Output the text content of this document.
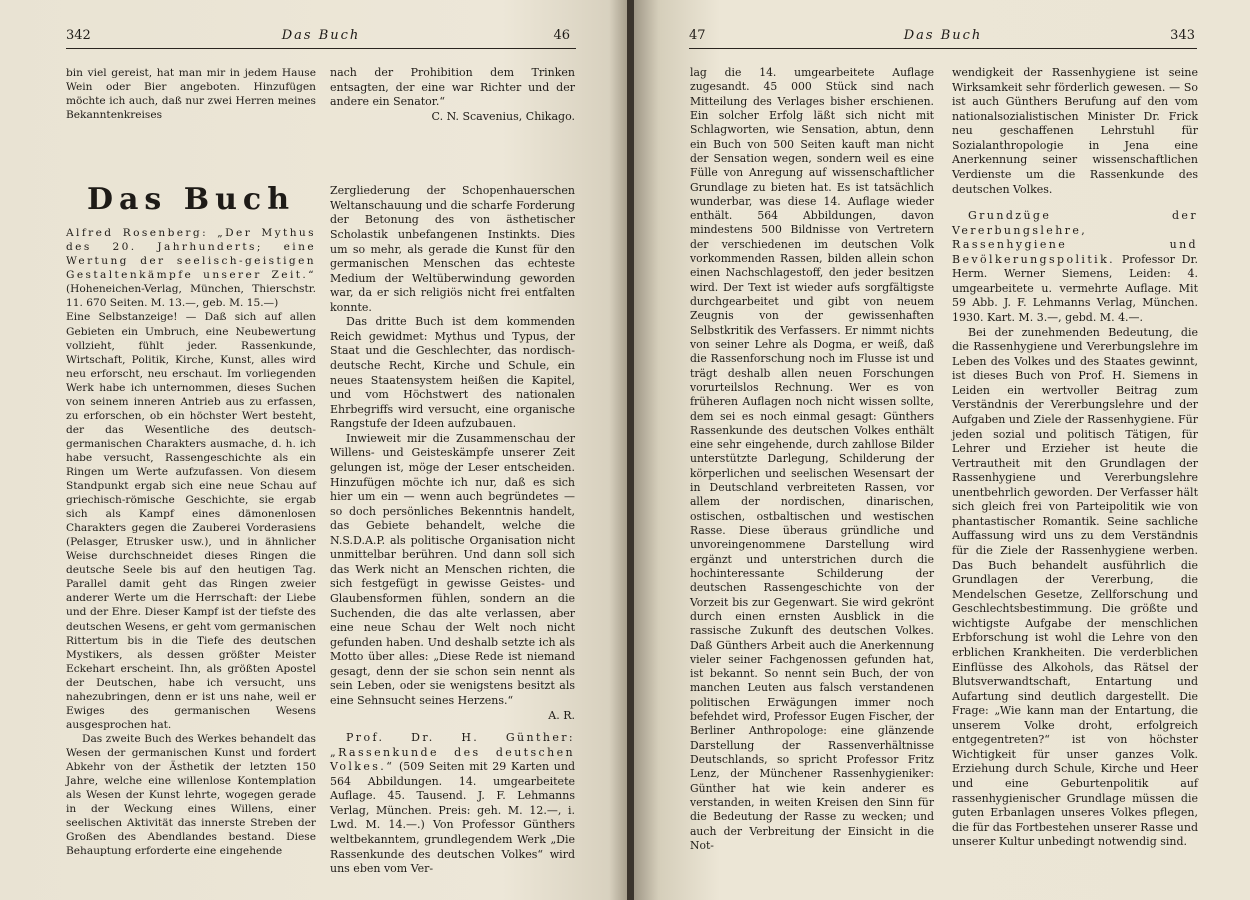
342	Das Buch	46

bin viel gereist, hat man mir in jedem Hause Wein oder Bier angeboten. Hinzufügen möchte ich auch, daß nur zwei Herren meines Bekanntenkreises

Das Buch

Alfred Rosenberg: „Der Mythus des 20. Jahrhunderts; eine Wertung der seelisch-geistigen Gestaltenkämpfe unserer Zeit.“ (Hoheneichen-Verlag, München, Thierschstr. 11. 670 Seiten. M. 13.—, geb. M. 15.—)

Eine Selbstanzeige! — Daß sich auf allen Gebieten ein Umbruch, eine Neubewertung vollzieht, fühlt jeder. Rassenkunde, Wirtschaft, Politik, Kirche, Kunst, alles wird neu erforscht, neu erschaut. Im vorliegenden Werk habe ich unternommen, dieses Suchen von seinem inneren Antrieb aus zu erfassen, zu erforschen, ob ein höchster Wert besteht, der das Wesentliche des deutsch-germanischen Charakters ausmache, d. h. ich habe versucht, Rassengeschichte als ein Ringen um Werte aufzufassen. Von diesem Standpunkt ergab sich eine neue Schau auf griechisch-römische Geschichte, sie ergab sich als Kampf eines dämonenlosen Charakters gegen die Zauberei Vorderasiens (Pelasger, Etrusker usw.), und in ähnlicher Weise durchschneidet dieses Ringen die deutsche Seele bis auf den heutigen Tag. Parallel damit geht das Ringen zweier anderer Werte um die Herrschaft: der Liebe und der Ehre. Dieser Kampf ist der tiefste des deutschen Wesens, er geht vom germanischen Rittertum bis in die Tiefe des deutschen Mystikers, als dessen größter Meister Eckehart erscheint. Ihn, als größten Apostel der Deutschen, habe ich versucht, uns nahezubringen, denn er ist uns nahe, weil er Ewiges des germanischen Wesens ausgesprochen hat.

Das zweite Buch des Werkes behandelt das Wesen der germanischen Kunst und fordert Abkehr von der Ästhetik der letzten 150 Jahre, welche eine willenlose Kontemplation als Wesen der Kunst lehrte, wogegen gerade in der Weckung eines Willens, einer seelischen Aktivität das innerste Streben der Großen des Abendlandes bestand. Diese Behauptung erforderte eine eingehende

nach der Prohibition dem Trinken entsagten, der eine war Richter und der andere ein Senator.“

C. N. Scavenius, Chikago.

Zergliederung der Schopenhauerschen Weltanschauung und die scharfe Forderung der Betonung des von ästhetischer Scholastik unbefangenen Instinkts. Dies um so mehr, als gerade die Kunst für den germanischen Menschen das echteste Medium der Weltüberwindung geworden war, da er sich religiös nicht frei entfalten konnte.

Das dritte Buch ist dem kommenden Reich gewidmet: Mythus und Typus, der Staat und die Geschlechter, das nordisch-deutsche Recht, Kirche und Schule, ein neues Staatensystem heißen die Kapitel, und vom Höchstwert des nationalen Ehrbegriffs wird versucht, eine organische Rangstufe der Ideen aufzubauen.

Inwieweit mir die Zusammenschau der Willens- und Geisteskämpfe unserer Zeit gelungen ist, möge der Leser entscheiden. Hinzufügen möchte ich nur, daß es sich hier um ein — wenn auch begründetes — so doch persönliches Bekenntnis handelt, das Gebiete behandelt, welche die N.S.D.A.P. als politische Organisation nicht unmittelbar berühren. Und dann soll sich das Werk nicht an Menschen richten, die sich festgefügt in gewisse Geistes- und Glaubensformen fühlen, sondern an die Suchenden, die das alte verlassen, aber eine neue Schau der Welt noch nicht gefunden haben. Und deshalb setzte ich als Motto über alles: „Diese Rede ist niemand gesagt, denn der sie schon sein nennt als sein Leben, oder sie wenigstens besitzt als eine Sehnsucht seines Herzens.“

A. R.

Prof. Dr. H. Günther: „Rassenkunde des deutschen Volkes.“ (509 Seiten mit 29 Karten und 564 Abbildungen. 14. umgearbeitete Auflage. 45. Tausend. J. F. Lehmanns Verlag, München. Preis: geh. M. 12.—, i. Lwd. M. 14.—.) Von Professor Günthers weltbekanntem, grundlegendem Werk „Die Rassenkunde des deutschen Volkes“ wird uns eben vom Ver-

47	Das Buch	343

lag die 14. umgearbeitete Auflage zugesandt. 45 000 Stück sind nach Mitteilung des Verlages bisher erschienen. Ein solcher Erfolg läßt sich nicht mit Schlagworten, wie Sensation, abtun, denn ein Buch von 500 Seiten kauft man nicht der Sensation wegen, sondern weil es eine Fülle von Anregung auf wissenschaftlicher Grundlage zu bieten hat. Es ist tatsächlich wunderbar, was diese 14. Auflage wieder enthält. 564 Abbildungen, davon mindestens 500 Bildnisse von Vertretern der verschiedenen im deutschen Volk vorkommenden Rassen, bilden allein schon einen Nachschlagestoff, den jeder besitzen wird. Der Text ist wieder aufs sorgfältigste durchgearbeitet und gibt von neuem Zeugnis von der gewissenhaften Selbstkritik des Verfassers. Er nimmt nichts von seiner Lehre als Dogma, er weiß, daß die Rassenforschung noch im Flusse ist und trägt deshalb allen neuen Forschungen vorurteilslos Rechnung. Wer es von früheren Auflagen noch nicht wissen sollte, dem sei es noch einmal gesagt: Günthers Rassenkunde des deutschen Volkes enthält eine sehr eingehende, durch zahllose Bilder unterstützte Darlegung, Schilderung der körperlichen und seelischen Wesensart der in Deutschland verbreiteten Rassen, vor allem der nordischen, dinarischen, ostischen, ostbaltischen und westischen Rasse. Diese überaus gründliche und unvoreingenommene Darstellung wird ergänzt und unterstrichen durch die hochinteressante Schilderung der deutschen Rassengeschichte von der Vorzeit bis zur Gegenwart. Sie wird gekrönt durch einen ernsten Ausblick in die rassische Zukunft des deutschen Volkes. Daß Günthers Arbeit auch die Anerkennung vieler seiner Fachgenossen gefunden hat, ist bekannt. So nennt sein Buch, der von manchen Leuten aus falsch verstandenen politischen Erwägungen immer noch befehdet wird, Professor Eugen Fischer, der Berliner Anthropologe: eine glänzende Darstellung der Rassenverhältnisse Deutschlands, so spricht Professor Fritz Lenz, der Münchener Rassenhygieniker: Günther hat wie kein anderer es verstanden, in weiten Kreisen den Sinn für die Bedeutung der Rasse zu wecken; und auch der Verbreitung der Einsicht in die Not-

wendigkeit der Rassenhygiene ist seine Wirksamkeit sehr förderlich gewesen. — So ist auch Günthers Berufung auf den vom nationalsozialistischen Minister Dr. Frick neu geschaffenen Lehrstuhl für Sozialanthropologie in Jena eine Anerkennung seiner wissenschaftlichen Verdienste um die Rassenkunde des deutschen Volkes.

Grundzüge der Vererbungslehre, Rassenhygiene und Bevölkerungspolitik. Professor Dr. Herm. Werner Siemens, Leiden: 4. umgearbeitete u. vermehrte Auflage. Mit 59 Abb. J. F. Lehmanns Verlag, München. 1930. Kart. M. 3.—, gebd. M. 4.—.

Bei der zunehmenden Bedeutung, die die Rassenhygiene und Vererbungslehre im Leben des Volkes und des Staates gewinnt, ist dieses Buch von Prof. H. Siemens in Leiden ein wertvoller Beitrag zum Verständnis der Vererbungslehre und der Aufgaben und Ziele der Rassenhygiene. Für jeden sozial und politisch Tätigen, für Lehrer und Erzieher ist heute die Vertrautheit mit den Grundlagen der Rassenhygiene und Vererbungslehre unentbehrlich geworden. Der Verfasser hält sich gleich frei von Parteipolitik wie von phantastischer Romantik. Seine sachliche Auffassung wird uns zu dem Verständnis für die Ziele der Rassenhygiene werben. Das Buch behandelt ausführlich die Grundlagen der Vererbung, die Mendelschen Gesetze, Zellforschung und Geschlechtsbestimmung. Die größte und wichtigste Aufgabe der menschlichen Erbforschung ist wohl die Lehre von den erblichen Krankheiten. Die verderblichen Einflüsse des Alkohols, das Rätsel der Blutsverwandtschaft, Entartung und Aufartung sind deutlich dargestellt. Die Frage: „Wie kann man der Entartung, die unserem Volke droht, erfolgreich entgegentreten?“ ist von höchster Wichtigkeit für unser ganzes Volk. Erziehung durch Schule, Kirche und Heer und eine Geburtenpolitik auf rassenhygienischer Grundlage müssen die guten Erbanlagen unseres Volkes pflegen, die für das Fortbestehen unserer Rasse und unserer Kultur unbedingt notwendig sind.
